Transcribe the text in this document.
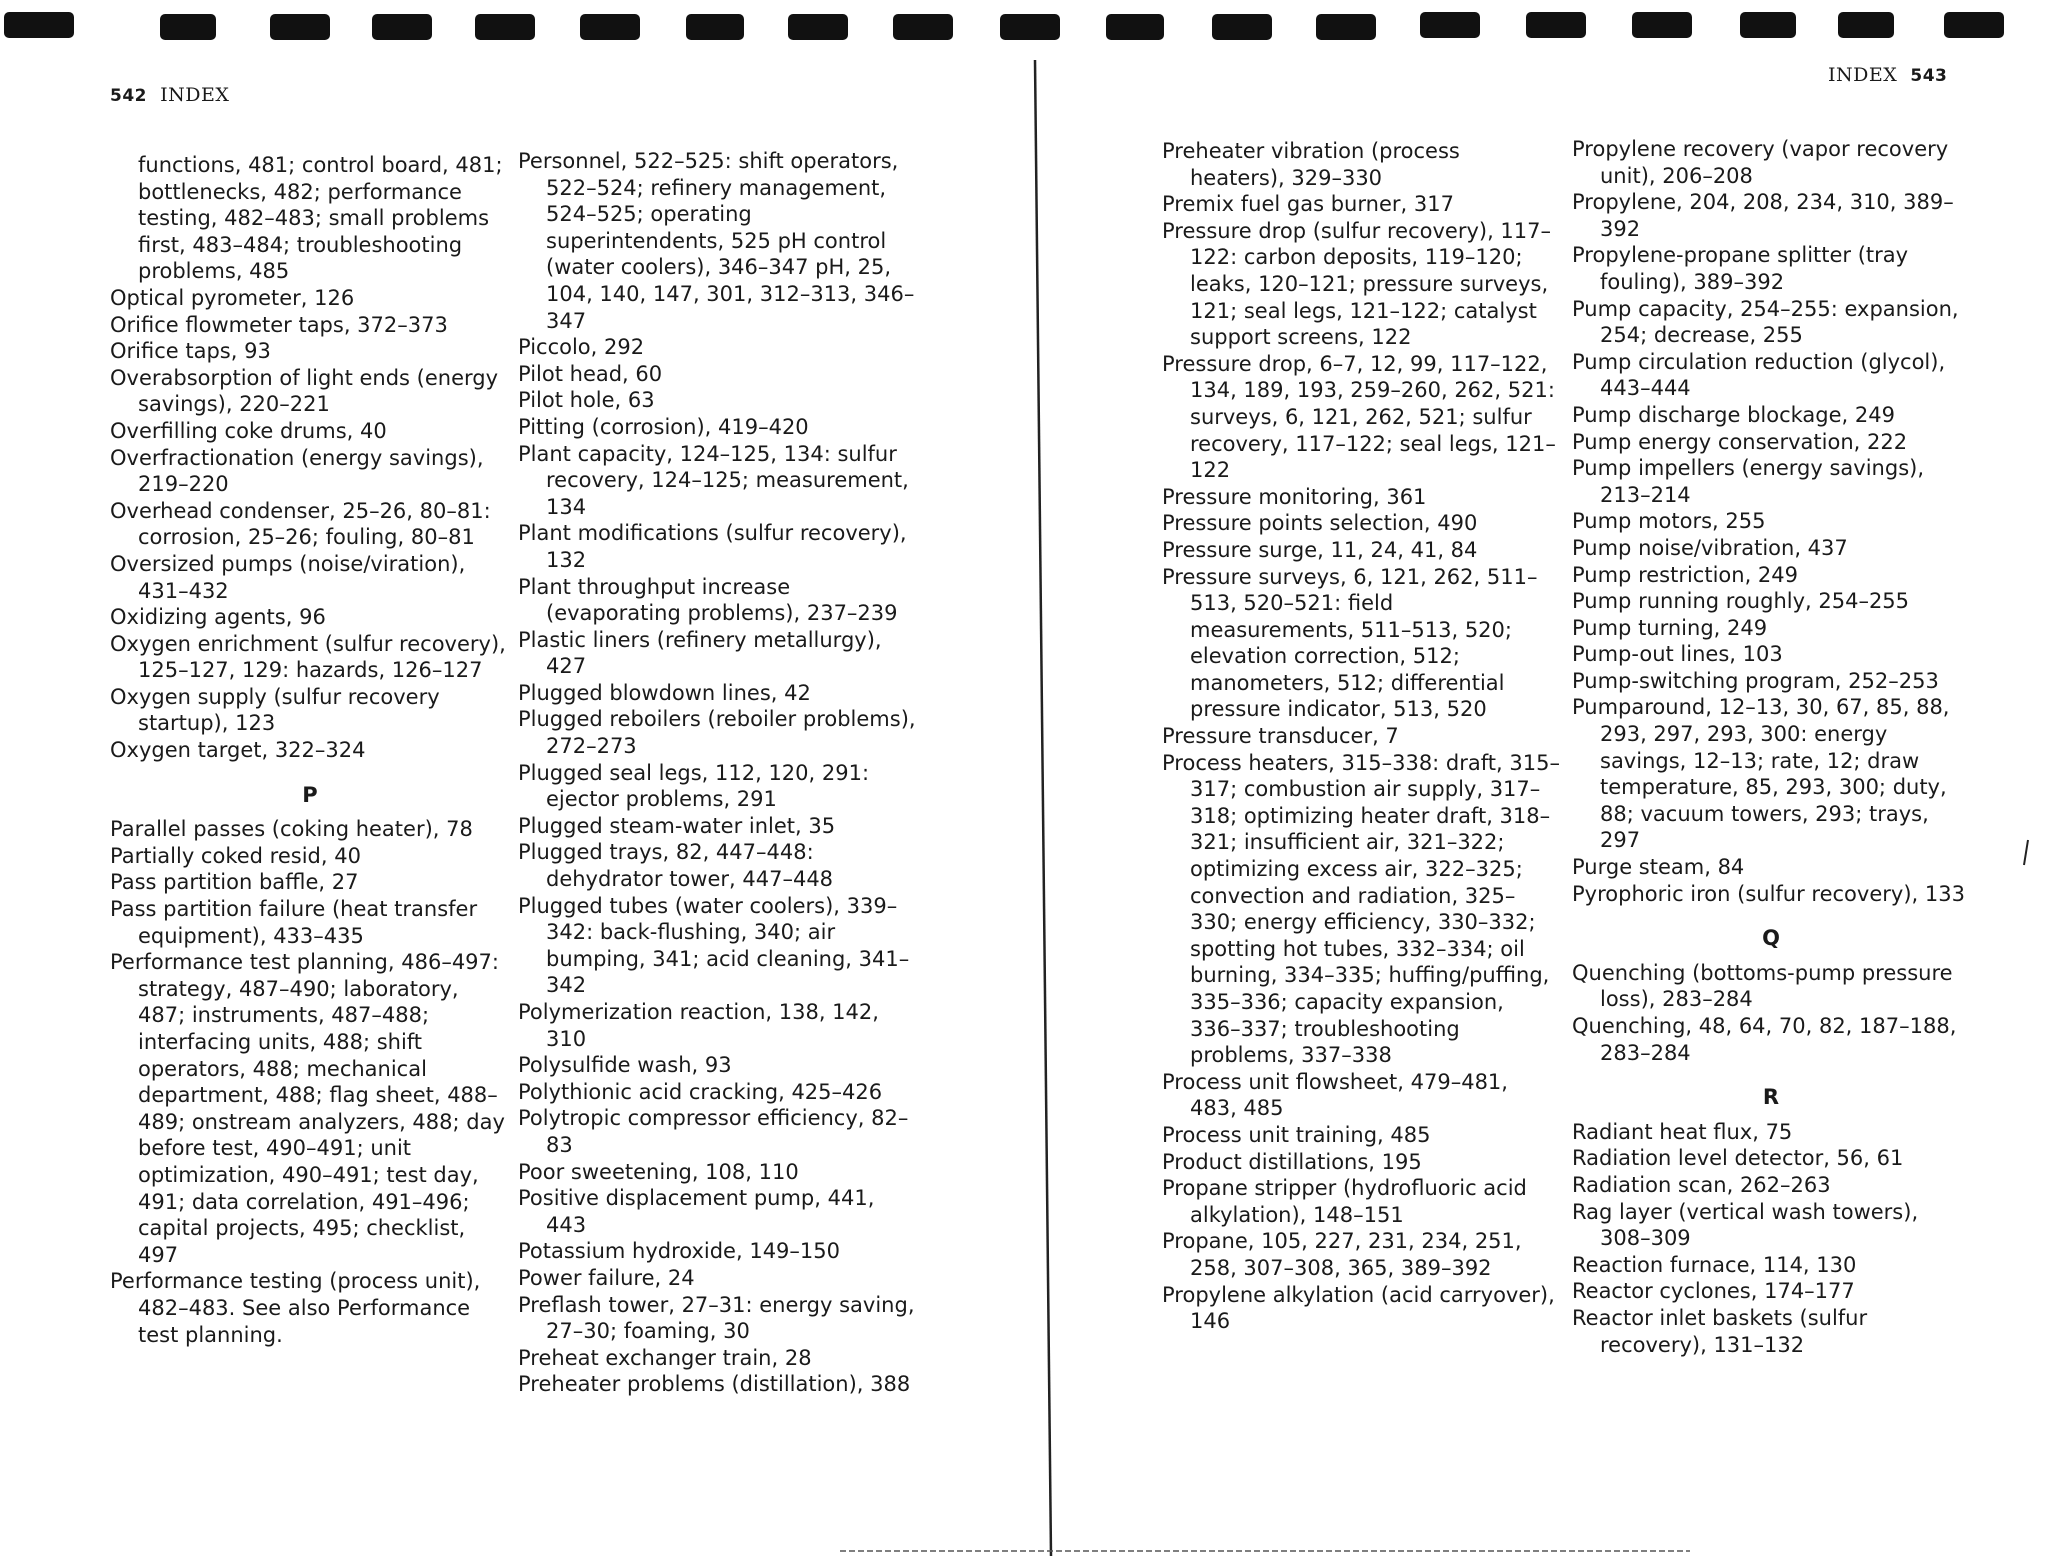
542 INDEX
INDEX 543
functions, 481; control board, 481; bottlenecks, 482; performance testing, 482–483; small problems first, 483–484; troubleshooting problems, 485
Optical pyrometer, 126
Orifice flowmeter taps, 372–373
Orifice taps, 93
Overabsorption of light ends (energy savings), 220–221
Overfilling coke drums, 40
Overfractionation (energy savings), 219–220
Overhead condenser, 25–26, 80–81: corrosion, 25–26; fouling, 80–81
Oversized pumps (noise/viration), 431–432
Oxidizing agents, 96
Oxygen enrichment (sulfur recovery), 125–127, 129: hazards, 126–127
Oxygen supply (sulfur recovery startup), 123
Oxygen target, 322–324
P
Parallel passes (coking heater), 78
Partially coked resid, 40
Pass partition baffle, 27
Pass partition failure (heat transfer equipment), 433–435
Performance test planning, 486–497: strategy, 487–490; laboratory, 487; instruments, 487–488; interfacing units, 488; shift operators, 488; mechanical department, 488; flag sheet, 488–489; onstream analyzers, 488; day before test, 490–491; unit optimization, 490–491; test day, 491; data correlation, 491–496; capital projects, 495; checklist, 497
Performance testing (process unit), 482–483. See also Performance test planning.
Personnel, 522–525: shift operators, 522–524; refinery management, 524–525; operating superintendents, 525 pH control (water coolers), 346–347 pH, 25, 104, 140, 147, 301, 312–313, 346–347
Piccolo, 292
Pilot head, 60
Pilot hole, 63
Pitting (corrosion), 419–420
Plant capacity, 124–125, 134: sulfur recovery, 124–125; measurement, 134
Plant modifications (sulfur recovery), 132
Plant throughput increase (evaporating problems), 237–239
Plastic liners (refinery metallurgy), 427
Plugged blowdown lines, 42
Plugged reboilers (reboiler problems), 272–273
Plugged seal legs, 112, 120, 291: ejector problems, 291
Plugged steam-water inlet, 35
Plugged trays, 82, 447–448: dehydrator tower, 447–448
Plugged tubes (water coolers), 339–342: back-flushing, 340; air bumping, 341; acid cleaning, 341–342
Polymerization reaction, 138, 142, 310
Polysulfide wash, 93
Polythionic acid cracking, 425–426
Polytropic compressor efficiency, 82–83
Poor sweetening, 108, 110
Positive displacement pump, 441, 443
Potassium hydroxide, 149–150
Power failure, 24
Preflash tower, 27–31: energy saving, 27–30; foaming, 30
Preheat exchanger train, 28
Preheater problems (distillation), 388
Preheater vibration (process heaters), 329–330
Premix fuel gas burner, 317
Pressure drop (sulfur recovery), 117–122: carbon deposits, 119–120; leaks, 120–121; pressure surveys, 121; seal legs, 121–122; catalyst support screens, 122
Pressure drop, 6–7, 12, 99, 117–122, 134, 189, 193, 259–260, 262, 521: surveys, 6, 121, 262, 521; sulfur recovery, 117–122; seal legs, 121–122
Pressure monitoring, 361
Pressure points selection, 490
Pressure surge, 11, 24, 41, 84
Pressure surveys, 6, 121, 262, 511–513, 520–521: field measurements, 511–513, 520; elevation correction, 512; manometers, 512; differential pressure indicator, 513, 520
Pressure transducer, 7
Process heaters, 315–338: draft, 315–317; combustion air supply, 317–318; optimizing heater draft, 318–321; insufficient air, 321–322; optimizing excess air, 322–325; convection and radiation, 325–330; energy efficiency, 330–332; spotting hot tubes, 332–334; oil burning, 334–335; huffing/puffing, 335–336; capacity expansion, 336–337; troubleshooting problems, 337–338
Process unit flowsheet, 479–481, 483, 485
Process unit training, 485
Product distillations, 195
Propane stripper (hydrofluoric acid alkylation), 148–151
Propane, 105, 227, 231, 234, 251, 258, 307–308, 365, 389–392
Propylene alkylation (acid carryover), 146
Propylene recovery (vapor recovery unit), 206–208
Propylene, 204, 208, 234, 310, 389–392
Propylene-propane splitter (tray fouling), 389–392
Pump capacity, 254–255: expansion, 254; decrease, 255
Pump circulation reduction (glycol), 443–444
Pump discharge blockage, 249
Pump energy conservation, 222
Pump impellers (energy savings), 213–214
Pump motors, 255
Pump noise/vibration, 437
Pump restriction, 249
Pump running roughly, 254–255
Pump turning, 249
Pump-out lines, 103
Pump-switching program, 252–253
Pumparound, 12–13, 30, 67, 85, 88, 293, 297, 293, 300: energy savings, 12–13; rate, 12; draw temperature, 85, 293, 300; duty, 88; vacuum towers, 293; trays, 297
Purge steam, 84
Pyrophoric iron (sulfur recovery), 133
Q
Quenching (bottoms-pump pressure loss), 283–284
Quenching, 48, 64, 70, 82, 187–188, 283–284
R
Radiant heat flux, 75
Radiation level detector, 56, 61
Radiation scan, 262–263
Rag layer (vertical wash towers), 308–309
Reaction furnace, 114, 130
Reactor cyclones, 174–177
Reactor inlet baskets (sulfur recovery), 131–132
